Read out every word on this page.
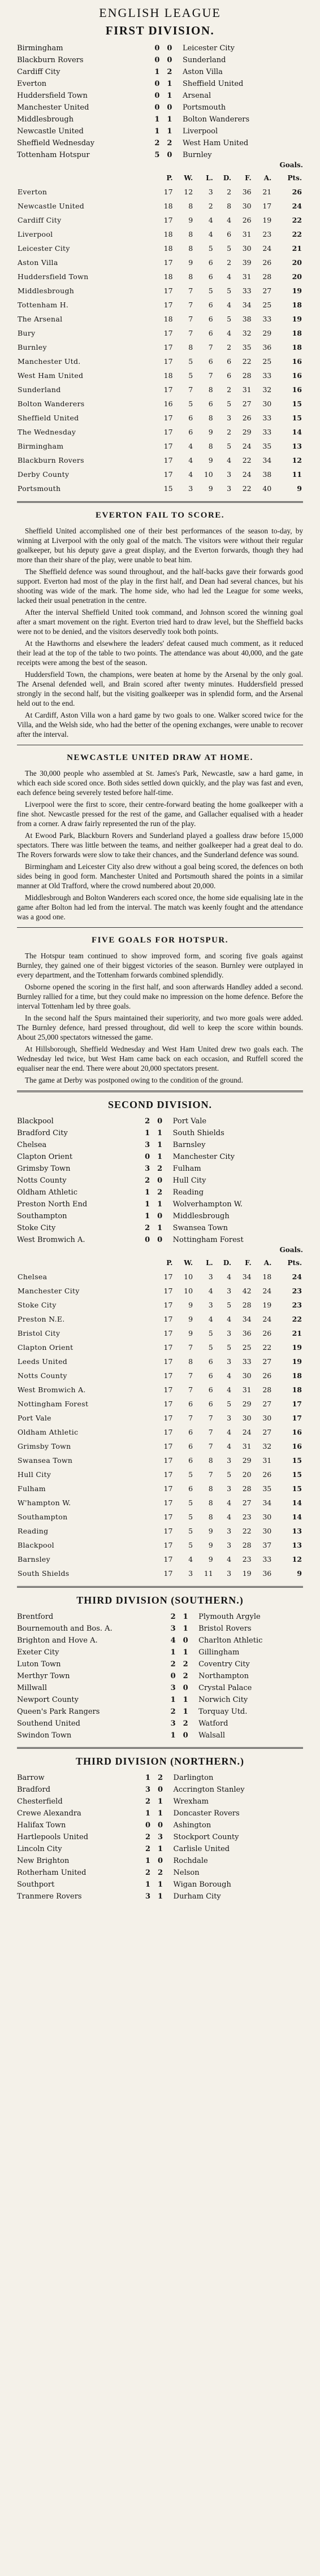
ENGLISH LEAGUE
FIRST DIVISION.
Birmingham	0	0	Leicester City
Blackburn Rovers	0	0	Sunderland
Cardiff City	1	2	Aston Villa
Everton	0	1	Sheffield United
Huddersfield Town	0	1	Arsenal
Manchester United	0	0	Portsmouth
Middlesbrough	1	1	Bolton Wanderers
Newcastle United	1	1	Liverpool
Sheffield Wednesday	2	2	West Ham United
Tottenham Hotspur	5	0	Burnley
Goals.
	P.	W.	L.	D.	F.	A.	Pts.
Everton	17	12	3	2	36	21	26
Newcastle United	18	8	2	8	30	17	24
Cardiff City	17	9	4	4	26	19	22
Liverpool	18	8	4	6	31	23	22
Leicester City	18	8	5	5	30	24	21
Aston Villa	17	9	6	2	39	26	20
Huddersfield Town	18	8	6	4	31	28	20
Middlesbrough	17	7	5	5	33	27	19
Tottenham H.	17	7	6	4	34	25	18
The Arsenal	18	7	6	5	38	33	19
Bury	17	7	6	4	32	29	18
Burnley	17	8	7	2	35	36	18
Manchester Utd.	17	5	6	6	22	25	16
West Ham United	18	5	7	6	28	33	16
Sunderland	17	7	8	2	31	32	16
Bolton Wanderers	16	5	6	5	27	30	15
Sheffield United	17	6	8	3	26	33	15
The Wednesday	17	6	9	2	29	33	14
Birmingham	17	4	8	5	24	35	13
Blackburn Rovers	17	4	9	4	22	34	12
Derby County	17	4	10	3	24	38	11
Portsmouth	15	3	9	3	22	40	9
EVERTON FAIL TO SCORE.

Sheffield United accomplished one of their best performances of the season to-day, by winning at Liverpool with the only goal of the match. The visitors were without their regular goalkeeper, but his deputy gave a great display, and the Everton forwards, though they had more than their share of the play, were unable to beat him.

The Sheffield defence was sound throughout, and the half-backs gave their forwards good support. Everton had most of the play in the first half, and Dean had several chances, but his shooting was wide of the mark. The home side, who had led the League for some weeks, lacked their usual penetration in the centre.

After the interval Sheffield United took command, and Johnson scored the winning goal after a smart movement on the right. Everton tried hard to draw level, but the Sheffield backs were not to be denied, and the visitors deservedly took both points.

At the Hawthorns and elsewhere the leaders' defeat caused much comment, as it reduced their lead at the top of the table to two points. The attendance was about 40,000, and the gate receipts were among the best of the season.

Huddersfield Town, the champions, were beaten at home by the Arsenal by the only goal. The Arsenal defended well, and Brain scored after twenty minutes. Huddersfield pressed strongly in the second half, but the visiting goalkeeper was in splendid form, and the Arsenal held out to the end.

At Cardiff, Aston Villa won a hard game by two goals to one. Walker scored twice for the Villa, and the Welsh side, who had the better of the opening exchanges, were unable to recover after the interval.

NEWCASTLE UNITED DRAW AT HOME.

The 30,000 people who assembled at St. James's Park, Newcastle, saw a hard game, in which each side scored once. Both sides settled down quickly, and the play was fast and even, each defence being severely tested before half-time.

Liverpool were the first to score, their centre-forward beating the home goalkeeper with a fine shot. Newcastle pressed for the rest of the game, and Gallacher equalised with a header from a corner. A draw fairly represented the run of the play.

At Ewood Park, Blackburn Rovers and Sunderland played a goalless draw before 15,000 spectators. There was little between the teams, and neither goalkeeper had a great deal to do. The Rovers forwards were slow to take their chances, and the Sunderland defence was sound.

Birmingham and Leicester City also drew without a goal being scored, the defences on both sides being in good form. Manchester United and Portsmouth shared the points in a similar manner at Old Trafford, where the crowd numbered about 20,000.

Middlesbrough and Bolton Wanderers each scored once, the home side equalising late in the game after Bolton had led from the interval. The match was keenly fought and the attendance was a good one.

FIVE GOALS FOR HOTSPUR.

The Hotspur team continued to show improved form, and scoring five goals against Burnley, they gained one of their biggest victories of the season. Burnley were outplayed in every department, and the Tottenham forwards combined splendidly.

Osborne opened the scoring in the first half, and soon afterwards Handley added a second. Burnley rallied for a time, but they could make no impression on the home defence. Before the interval Tottenham led by three goals.

In the second half the Spurs maintained their superiority, and two more goals were added. The Burnley defence, hard pressed throughout, did well to keep the score within bounds. About 25,000 spectators witnessed the game.

At Hillsborough, Sheffield Wednesday and West Ham United drew two goals each. The Wednesday led twice, but West Ham came back on each occasion, and Ruffell scored the equaliser near the end. There were about 20,000 spectators present.

The game at Derby was postponed owing to the condition of the ground.

SECOND DIVISION.
Blackpool	2	0	Port Vale
Bradford City	1	1	South Shields
Chelsea	3	1	Barnsley
Clapton Orient	0	1	Manchester City
Grimsby Town	3	2	Fulham
Notts County	2	0	Hull City
Oldham Athletic	1	2	Reading
Preston North End	1	1	Wolverhampton W.
Southampton	1	0	Middlesbrough
Stoke City	2	1	Swansea Town
West Bromwich A.	0	0	Nottingham Forest
Goals.
	P.	W.	L.	D.	F.	A.	Pts.
Chelsea	17	10	3	4	34	18	24
Manchester City	17	10	4	3	42	24	23
Stoke City	17	9	3	5	28	19	23
Preston N.E.	17	9	4	4	34	24	22
Bristol City	17	9	5	3	36	26	21
Clapton Orient	17	7	5	5	25	22	19
Leeds United	17	8	6	3	33	27	19
Notts County	17	7	6	4	30	26	18
West Bromwich A.	17	7	6	4	31	28	18
Nottingham Forest	17	6	6	5	29	27	17
Port Vale	17	7	7	3	30	30	17
Oldham Athletic	17	6	7	4	24	27	16
Grimsby Town	17	6	7	4	31	32	16
Swansea Town	17	6	8	3	29	31	15
Hull City	17	5	7	5	20	26	15
Fulham	17	6	8	3	28	35	15
W'hampton W.	17	5	8	4	27	34	14
Southampton	17	5	8	4	23	30	14
Reading	17	5	9	3	22	30	13
Blackpool	17	5	9	3	28	37	13
Barnsley	17	4	9	4	23	33	12
South Shields	17	3	11	3	19	36	9
THIRD DIVISION (SOUTHERN.)
Brentford	2	1	Plymouth Argyle
Bournemouth and Bos. A.	3	1	Bristol Rovers
Brighton and Hove A.	4	0	Charlton Athletic
Exeter City	1	1	Gillingham
Luton Town	2	2	Coventry City
Merthyr Town	0	2	Northampton
Millwall	3	0	Crystal Palace
Newport County	1	1	Norwich City
Queen's Park Rangers	2	1	Torquay Utd.
Southend United	3	2	Watford
Swindon Town	1	0	Walsall
THIRD DIVISION (NORTHERN.)
Barrow	1	2	Darlington
Bradford	3	0	Accrington Stanley
Chesterfield	2	1	Wrexham
Crewe Alexandra	1	1	Doncaster Rovers
Halifax Town	0	0	Ashington
Hartlepools United	2	3	Stockport County
Lincoln City	2	1	Carlisle United
New Brighton	1	0	Rochdale
Rotherham United	2	2	Nelson
Southport	1	1	Wigan Borough
Tranmere Rovers	3	1	Durham City
